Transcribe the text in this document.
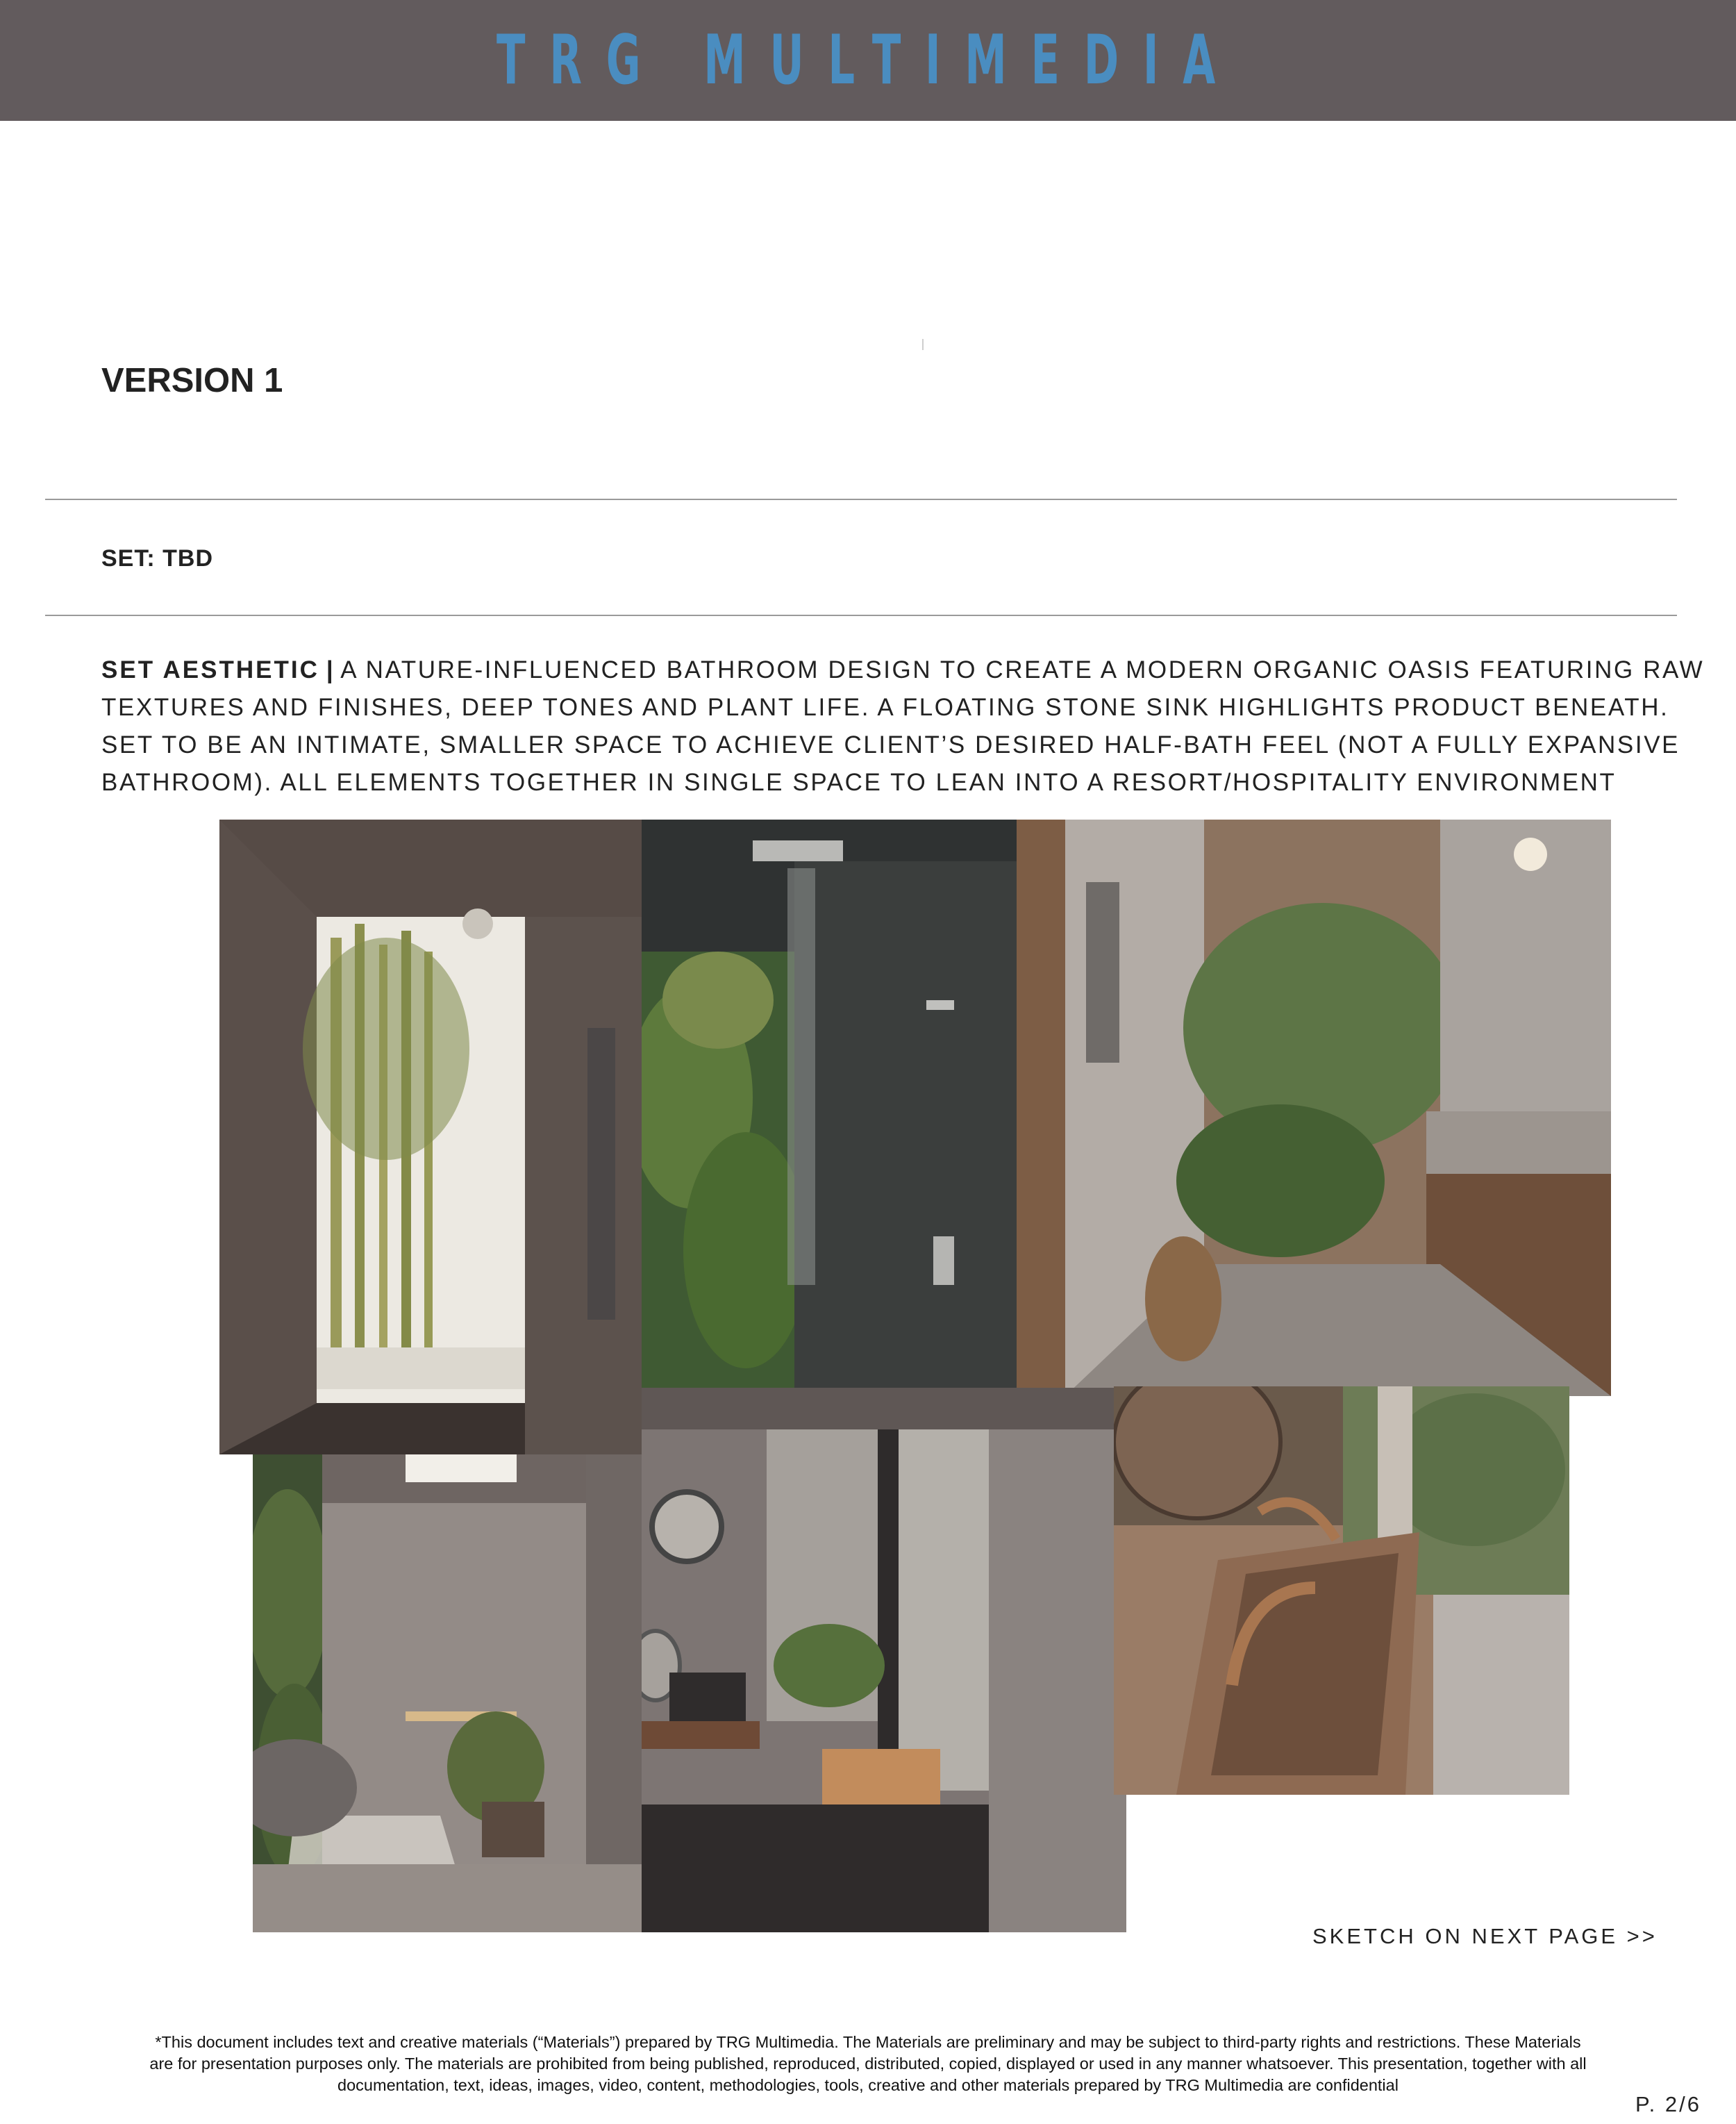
TRG MULTIMEDIA
VERSION 1
SET: TBD
SET AESTHETIC | A NATURE-INFLUENCED BATHROOM DESIGN TO CREATE A MODERN ORGANIC OASIS FEATURING RAW
TEXTURES AND FINISHES, DEEP TONES AND PLANT LIFE. A FLOATING STONE SINK HIGHLIGHTS PRODUCT BENEATH.
SET TO BE AN INTIMATE, SMALLER SPACE TO ACHIEVE CLIENT’S DESIRED HALF-BATH FEEL (NOT A FULLY EXPANSIVE
BATHROOM). ALL ELEMENTS TOGETHER IN SINGLE SPACE TO LEAN INTO A RESORT/HOSPITALITY ENVIRONMENT
SKETCH ON NEXT PAGE >>
*This document includes text and creative materials (“Materials”) prepared by TRG Multimedia. The Materials are preliminary and may be subject to third-party rights and restrictions. These Materials
are for presentation purposes only. The materials are prohibited from being published, reproduced, distributed, copied, displayed or used in any manner whatsoever. This presentation, together with all
documentation, text, ideas, images, video, content, methodologies, tools, creative and other materials prepared by TRG Multimedia are confidential
P. 2/6
